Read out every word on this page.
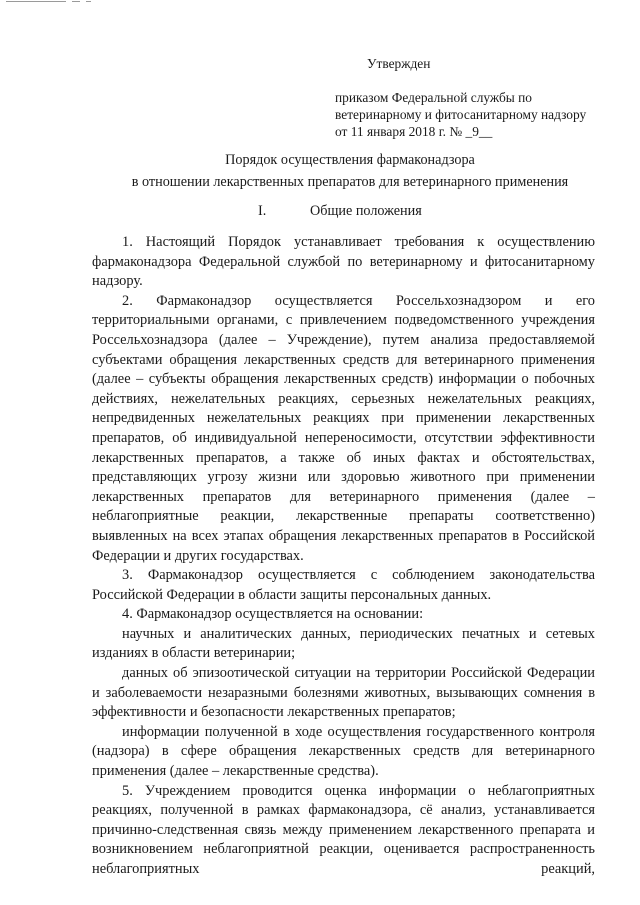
Утвержден
приказом Федеральной службы по
ветеринарному и фитосанитарному надзору
от 11 января 2018 г. № _9__
Порядок осуществления фармаконадзора
в отношении лекарственных препаратов для ветеринарного применения
I.	Общие положения

1. Настоящий Порядок устанавливает требования к осуществлению фармаконадзора Федеральной службой по ветеринарному и фитосанитарному надзору.

2. Фармаконадзор осуществляется Россельхознадзором и его территориальными органами, с привлечением подведомственного учреждения Россельхознадзора (далее – Учреждение), путем анализа предоставляемой субъектами обращения лекарственных средств для ветеринарного применения (далее – субъекты обращения лекарственных средств) информации о побочных действиях, нежелательных реакциях, серьезных нежелательных реакциях, непредвиденных нежелательных реакциях при применении лекарственных препаратов, об индивидуальной непереносимости, отсутствии эффективности лекарственных препаратов, а также об иных фактах и обстоятельствах, представляющих угрозу жизни или здоровью животного при применении лекарственных препаратов для ветеринарного применения (далее – неблагоприятные реакции, лекарственные препараты соответственно) выявленных на всех этапах обращения лекарственных препаратов в Российской Федерации и других государствах.

3. Фармаконадзор осуществляется с соблюдением законодательства Российской Федерации в области защиты персональных данных.

4. Фармаконадзор осуществляется на основании:

научных и аналитических данных, периодических печатных и сетевых изданиях в области ветеринарии;

данных об эпизоотической ситуации на территории Российской Федерации и заболеваемости незаразными болезнями животных, вызывающих сомнения в эффективности и безопасности лекарственных препаратов;

информации полученной в ходе осуществления государственного контроля (надзора) в сфере обращения лекарственных средств для ветеринарного применения (далее – лекарственные средства).

5. Учреждением проводится оценка информации о неблагоприятных реакциях, полученной в рамках фармаконадзора, сё анализ, устанавливается причинно-следственная связь между применением лекарственного препарата и возникновением неблагоприятной реакции, оценивается распространенность неблагоприятных реакций,
